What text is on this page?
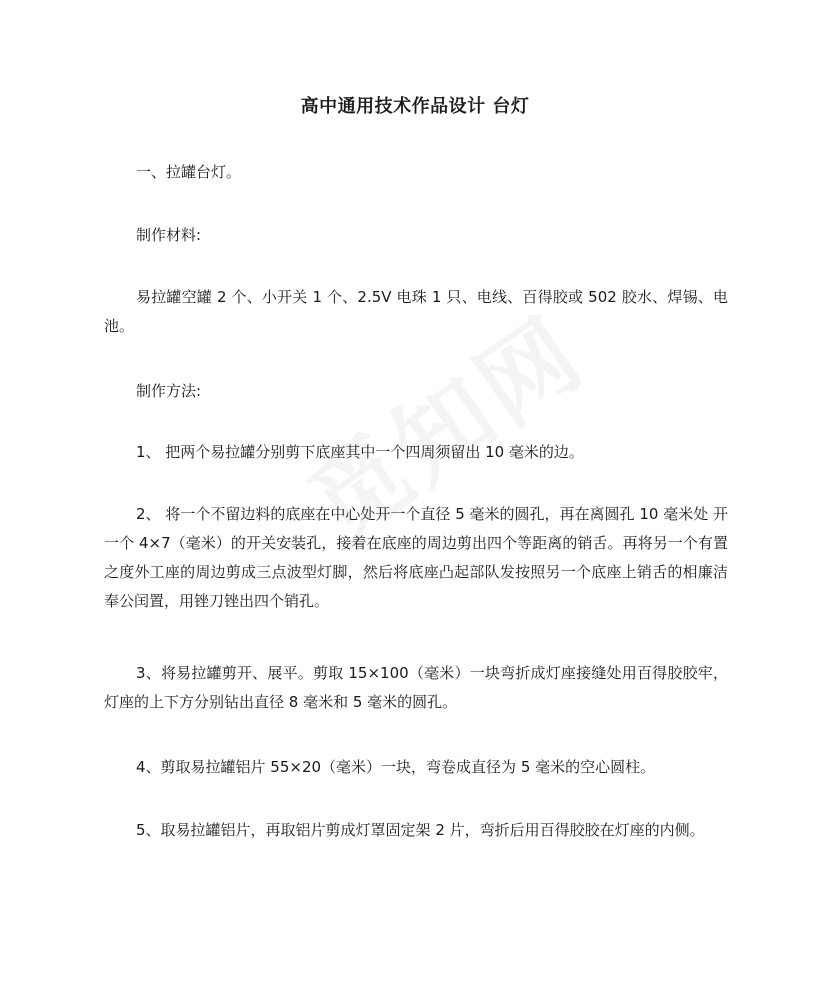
高中通用技术作品设计 台灯

一、拉罐台灯。

制作材料:

易拉罐空罐 2 个、小开关 1 个、2.5V 电珠 1 只、电线、百得胶或 502 胶水、焊锡、电池。

制作方法:

1、 把两个易拉罐分别剪下底座其中一个四周须留出 10 毫米的边。

2、 将一个不留边料的底座在中心处开一个直径 5 毫米的圆孔，再在离圆孔 10 毫米处 开一个 4×7（毫米）的开关安装孔，接着在底座的周边剪出四个等距离的销舌。再将另一个有置之度外工座的周边剪成三点波型灯脚，然后将底座凸起部队发按照另一个底座上销舌的相廉洁奉公闰置，用锉刀锉出四个销孔。

3、将易拉罐剪开、展平。剪取 15×100（毫米）一块弯折成灯座接缝处用百得胶胶牢，灯座的上下方分别钻出直径 8 毫米和 5 毫米的圆孔。

4、剪取易拉罐铝片 55×20（毫米）一块，弯卷成直径为 5 毫米的空心圆柱。

5、取易拉罐铝片，再取铝片剪成灯罩固定架 2 片，弯折后用百得胶胶在灯座的内侧。
